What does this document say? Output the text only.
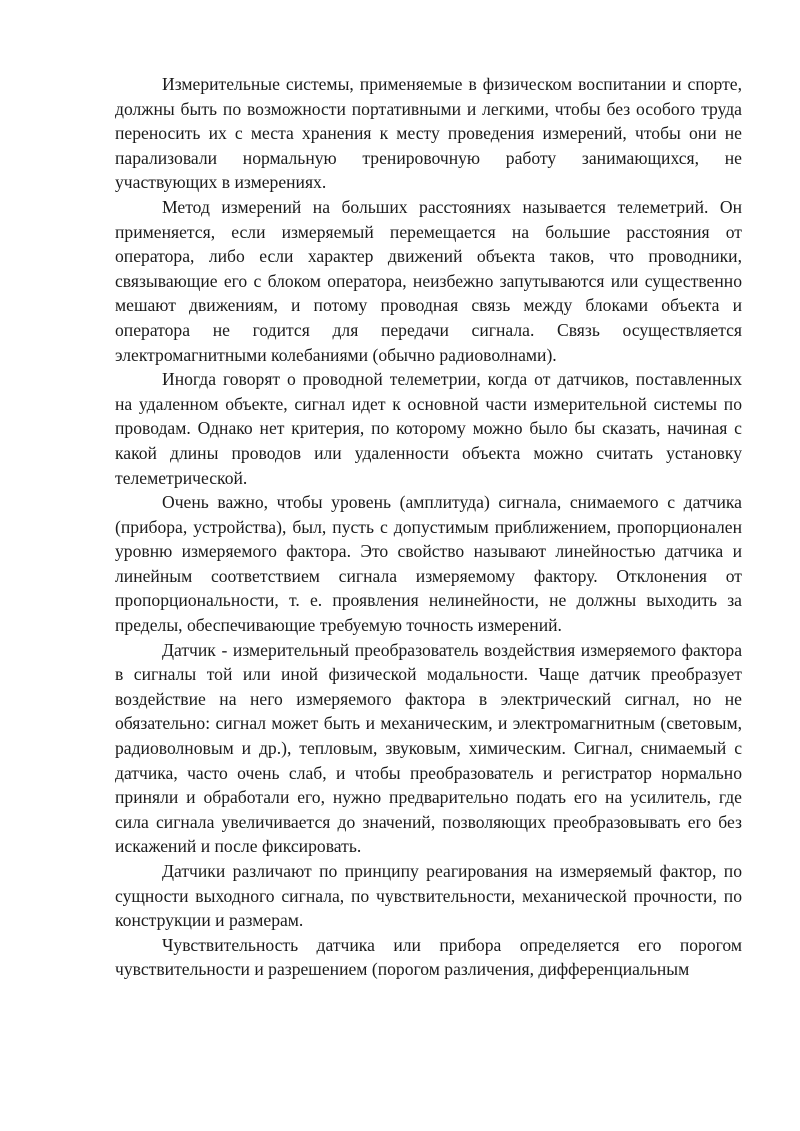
Измерительные системы, применяемые в физическом воспитании и спорте, должны быть по возможности портативными и легкими, чтобы без особого труда переносить их с места хранения к месту проведения измерений, чтобы они не парализовали нормальную тренировочную работу занимающихся, не участвующих в измерениях.

Метод измерений на больших расстояниях называется телеметрий. Он применяется, если измеряемый перемещается на большие расстояния от оператора, либо если характер движений объекта таков, что проводники, связывающие его с блоком оператора, неизбежно запутываются или существенно мешают движениям, и потому проводная связь между блоками объекта и оператора не годится для передачи сигнала. Связь осуществляется электромагнитными колебаниями (обычно радиоволнами).

Иногда говорят о проводной телеметрии, когда от датчиков, поставленных на удаленном объекте, сигнал идет к основной части измерительной системы по проводам. Однако нет критерия, по которому можно было бы сказать, начиная с какой длины проводов или удаленности объекта можно считать установку телеметрической.

Очень важно, чтобы уровень (амплитуда) сигнала, снимаемого с датчика (прибора, устройства), был, пусть с допустимым приближением, пропорционален уровню измеряемого фактора. Это свойство называют линейностью датчика и линейным соответствием сигнала измеряемому фактору. Отклонения от пропорциональности, т. е. проявления нелинейности, не должны выходить за пределы, обеспечивающие требуемую точность измерений.

Датчик - измерительный преобразователь воздействия измеряемого фактора в сигналы той или иной физической модальности. Чаще датчик преобразует воздействие на него измеряемого фактора в электрический сигнал, но не обязательно: сигнал может быть и механическим, и электромагнитным (световым, радиоволновым и др.), тепловым, звуковым, химическим. Сигнал, снимаемый с датчика, часто очень слаб, и чтобы преобразователь и регистратор нормально приняли и обработали его, нужно предварительно подать его на усилитель, где сила сигнала увеличивается до значений, позволяющих преобразовывать его без искажений и после фиксировать.

Датчики различают по принципу реагирования на измеряемый фактор, по сущности выходного сигнала, по чувствительности, механической прочности, по конструкции и размерам.

Чувствительность датчика или прибора определяется его порогом чувствительности и разрешением (порогом различения, дифференциальным
